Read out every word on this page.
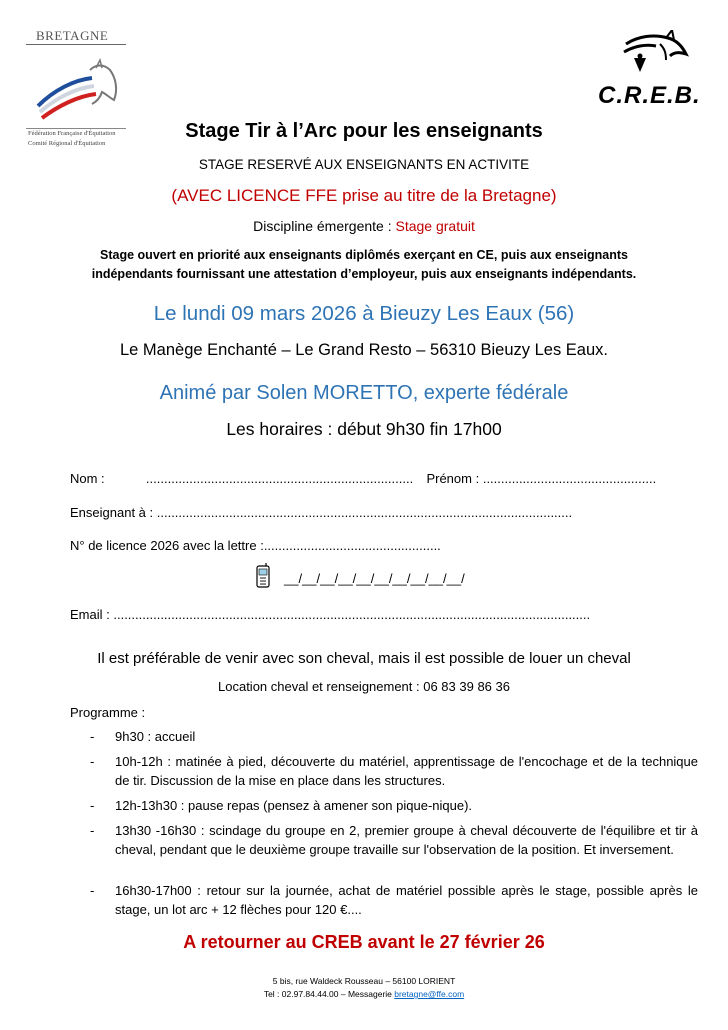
BRETAGNE
Fédération Française d'Équitation
Comité Régional d'Équitation
C.R.E.B.
Stage Tir à l’Arc pour les enseignants
STAGE RESERVÉ AUX ENSEIGNANTS EN ACTIVITE
(AVEC LICENCE FFE prise au titre de la Bretagne)
Discipline émergente : Stage gratuit
Stage ouvert en priorité aux enseignants diplômés exerçant en CE, puis aux enseignants
indépendants fournissant une attestation d’employeur, puis aux enseignants indépendants.
Le lundi 09 mars 2026 à Bieuzy Les Eaux (56)
Le Manège Enchanté – Le Grand Resto – 56310 Bieuzy Les Eaux.
Animé par Solen MORETTO, experte fédérale
Les horaires : début 9h30 fin 17h00
Nom :	.......................................................................... Prénom : ................................................
Enseignant à : ...................................................................................................................
N° de licence 2026 avec la lettre :.................................................
__/__/__/__/__/__/__/__/__/__/
Email : ....................................................................................................................................
Il est préférable de venir avec son cheval, mais il est possible de louer un cheval
Location cheval et renseignement : 06 83 39 86 36
Programme :
- 9h30 : accueil
- 10h-12h : matinée à pied, découverte du matériel, apprentissage de l'encochage et de la technique de tir. Discussion de la mise en place dans les structures.
- 12h-13h30 : pause repas (pensez à amener son pique-nique).
- 13h30 -16h30 : scindage du groupe en 2, premier groupe à cheval découverte de l'équilibre et tir à cheval, pendant que le deuxième groupe travaille sur l'observation de la position. Et inversement.
- 16h30-17h00 : retour sur la journée, achat de matériel possible après le stage, possible après le stage, un lot arc + 12 flèches pour 120 €....
A retourner au CREB avant le 27 février 26
5 bis, rue Waldeck Rousseau – 56100 LORIENT
Tel : 02.97.84.44.00 – Messagerie bretagne@ffe.com
